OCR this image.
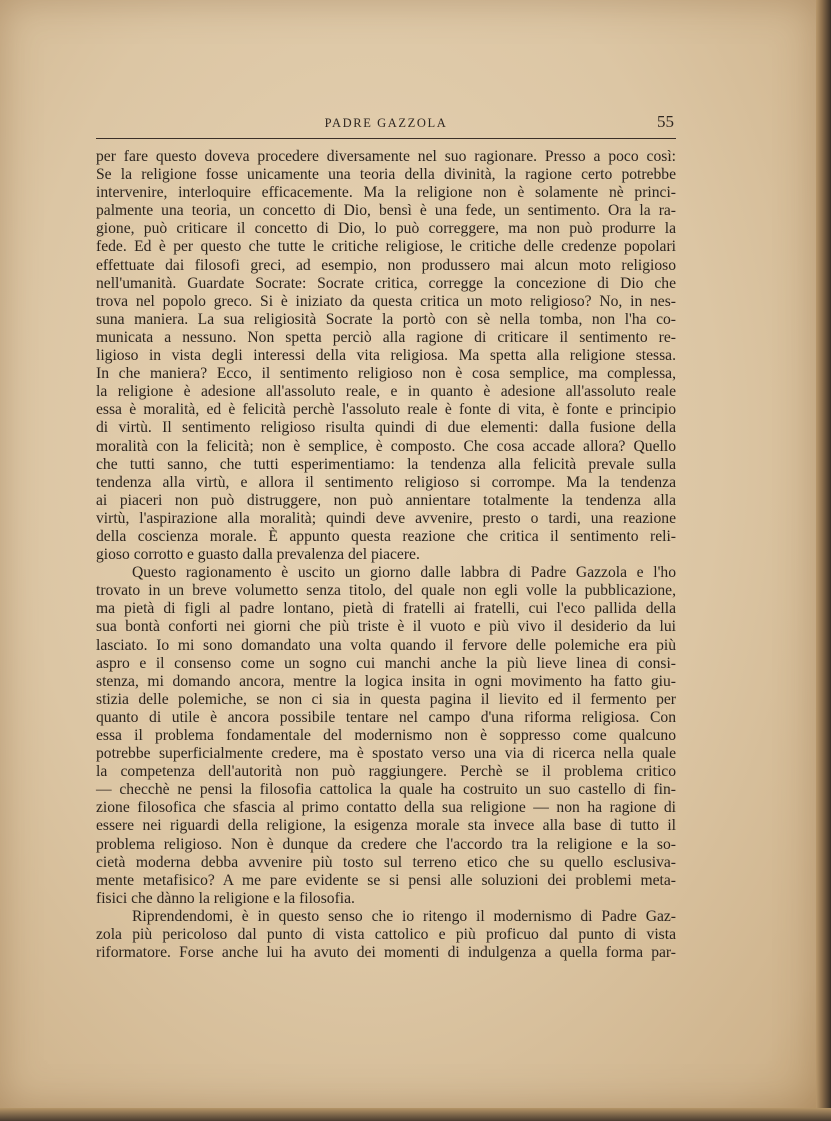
PADRE GAZZOLA	55
per fare questo doveva procedere diversamente nel suo ragionare. Presso a poco così:
Se la religione fosse unicamente una teoria della divinità, la ragione certo potrebbe
intervenire, interloquire efficacemente. Ma la religione non è solamente nè princi-
palmente una teoria, un concetto di Dio, bensì è una fede, un sentimento. Ora la ra-
gione, può criticare il concetto di Dio, lo può correggere, ma non può produrre la
fede. Ed è per questo che tutte le critiche religiose, le critiche delle credenze popolari
effettuate dai filosofi greci, ad esempio, non produssero mai alcun moto religioso
nell'umanità. Guardate Socrate: Socrate critica, corregge la concezione di Dio che
trova nel popolo greco. Si è iniziato da questa critica un moto religioso? No, in nes-
suna maniera. La sua religiosità Socrate la portò con sè nella tomba, non l'ha co-
municata a nessuno. Non spetta perciò alla ragione di criticare il sentimento re-
ligioso in vista degli interessi della vita religiosa. Ma spetta alla religione stessa.
In che maniera? Ecco, il sentimento religioso non è cosa semplice, ma complessa,
la religione è adesione all'assoluto reale, e in quanto è adesione all'assoluto reale
essa è moralità, ed è felicità perchè l'assoluto reale è fonte di vita, è fonte e principio
di virtù. Il sentimento religioso risulta quindi di due elementi: dalla fusione della
moralità con la felicità; non è semplice, è composto. Che cosa accade allora? Quello
che tutti sanno, che tutti esperimentiamo: la tendenza alla felicità prevale sulla
tendenza alla virtù, e allora il sentimento religioso si corrompe. Ma la tendenza
ai piaceri non può distruggere, non può annientare totalmente la tendenza alla
virtù, l'aspirazione alla moralità; quindi deve avvenire, presto o tardi, una reazione
della coscienza morale. È appunto questa reazione che critica il sentimento reli-
gioso corrotto e guasto dalla prevalenza del piacere.
Questo ragionamento è uscito un giorno dalle labbra di Padre Gazzola e l'ho
trovato in un breve volumetto senza titolo, del quale non egli volle la pubblicazione,
ma pietà di figli al padre lontano, pietà di fratelli ai fratelli, cui l'eco pallida della
sua bontà conforti nei giorni che più triste è il vuoto e più vivo il desiderio da lui
lasciato. Io mi sono domandato una volta quando il fervore delle polemiche era più
aspro e il consenso come un sogno cui manchi anche la più lieve linea di consi-
stenza, mi domando ancora, mentre la logica insita in ogni movimento ha fatto giu-
stizia delle polemiche, se non ci sia in questa pagina il lievito ed il fermento per
quanto di utile è ancora possibile tentare nel campo d'una riforma religiosa. Con
essa il problema fondamentale del modernismo non è soppresso come qualcuno
potrebbe superficialmente credere, ma è spostato verso una via di ricerca nella quale
la competenza dell'autorità non può raggiungere. Perchè se il problema critico
— checchè ne pensi la filosofia cattolica la quale ha costruito un suo castello di fin-
zione filosofica che sfascia al primo contatto della sua religione — non ha ragione di
essere nei riguardi della religione, la esigenza morale sta invece alla base di tutto il
problema religioso. Non è dunque da credere che l'accordo tra la religione e la so-
cietà moderna debba avvenire più tosto sul terreno etico che su quello esclusiva-
mente metafisico? A me pare evidente se si pensi alle soluzioni dei problemi meta-
fisici che dànno la religione e la filosofia.
Riprendendomi, è in questo senso che io ritengo il modernismo di Padre Gaz-
zola più pericoloso dal punto di vista cattolico e più proficuo dal punto di vista
riformatore. Forse anche lui ha avuto dei momenti di indulgenza a quella forma par-
